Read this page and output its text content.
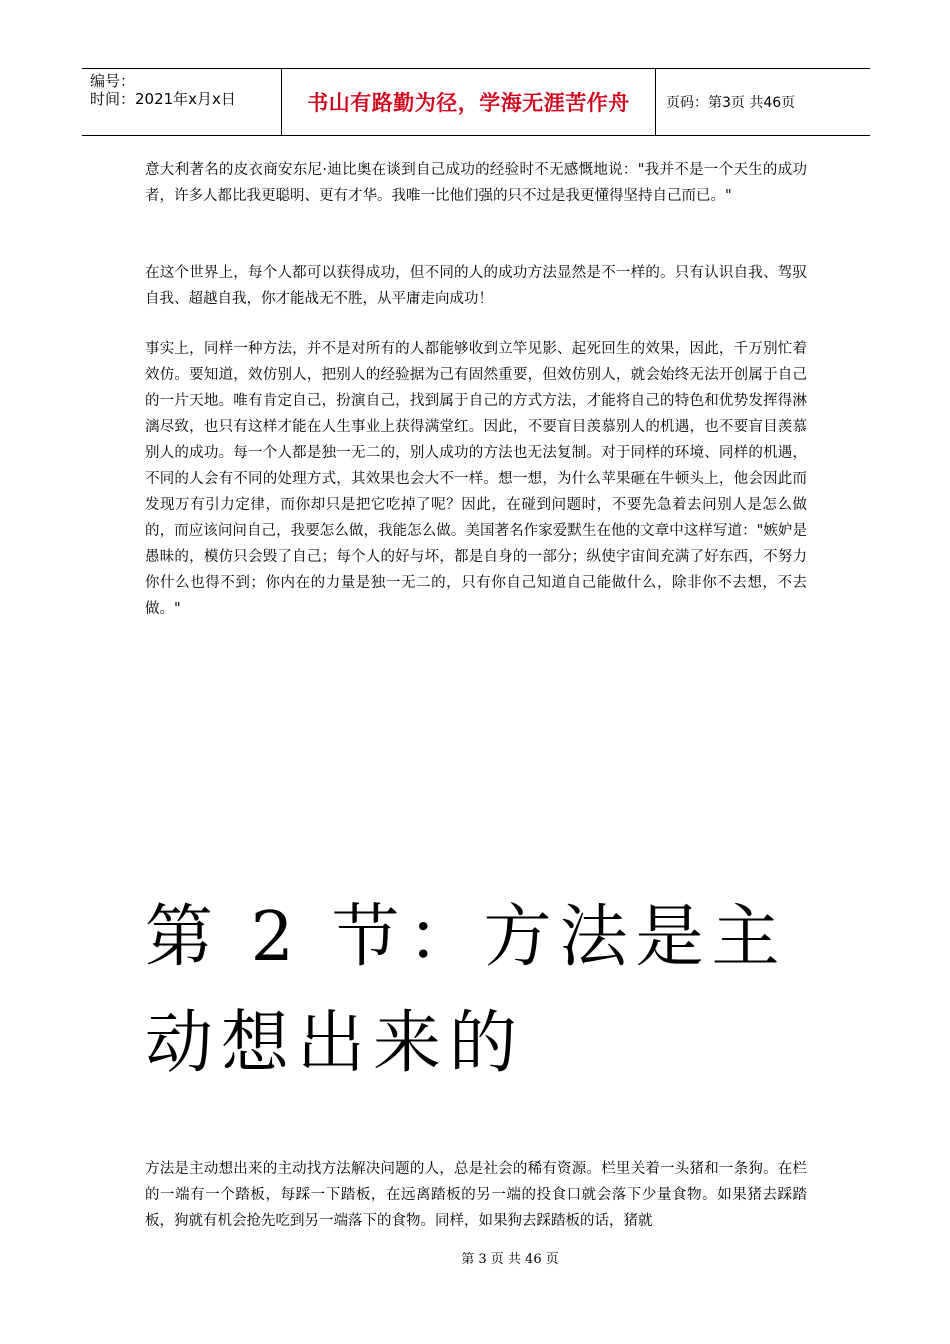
编号：
时间：2021年x月x日	书山有路勤为径，学海无涯苦作舟	页码：第3页 共46页

意大利著名的皮衣商安东尼·迪比奥在谈到自己成功的经验时不无感慨地说："我并不是一个天生的成功者，许多人都比我更聪明、更有才华。我唯一比他们强的只不过是我更懂得坚持自己而已。"

在这个世界上，每个人都可以获得成功，但不同的人的成功方法显然是不一样的。只有认识自我、驾驭自我、超越自我，你才能战无不胜，从平庸走向成功！

事实上，同样一种方法，并不是对所有的人都能够收到立竿见影、起死回生的效果，因此，千万别忙着效仿。要知道，效仿别人，把别人的经验据为己有固然重要，但效仿别人，就会始终无法开创属于自己的一片天地。唯有肯定自己，扮演自己，找到属于自己的方式方法，才能将自己的特色和优势发挥得淋漓尽致，也只有这样才能在人生事业上获得满堂红。因此，不要盲目羡慕别人的机遇，也不要盲目羡慕别人的成功。每一个人都是独一无二的，别人成功的方法也无法复制。对于同样的环境、同样的机遇，不同的人会有不同的处理方式，其效果也会大不一样。想一想，为什么苹果砸在牛顿头上，他会因此而发现万有引力定律，而你却只是把它吃掉了呢？因此，在碰到问题时，不要先急着去问别人是怎么做的，而应该问问自己，我要怎么做，我能怎么做。美国著名作家爱默生在他的文章中这样写道："嫉妒是愚昧的，模仿只会毁了自己；每个人的好与坏，都是自身的一部分；纵使宇宙间充满了好东西，不努力你什么也得不到；你内在的力量是独一无二的，只有你自己知道自己能做什么，除非你不去想，不去做。"

第 2 节：方法是主动想出来的

方法是主动想出来的主动找方法解决问题的人，总是社会的稀有资源。栏里关着一头猪和一条狗。在栏的一端有一个踏板，每踩一下踏板，在远离踏板的另一端的投食口就会落下少量食物。如果猪去踩踏板，狗就有机会抢先吃到另一端落下的食物。同样，如果狗去踩踏板的话，猪就

第 3 页 共 46 页
